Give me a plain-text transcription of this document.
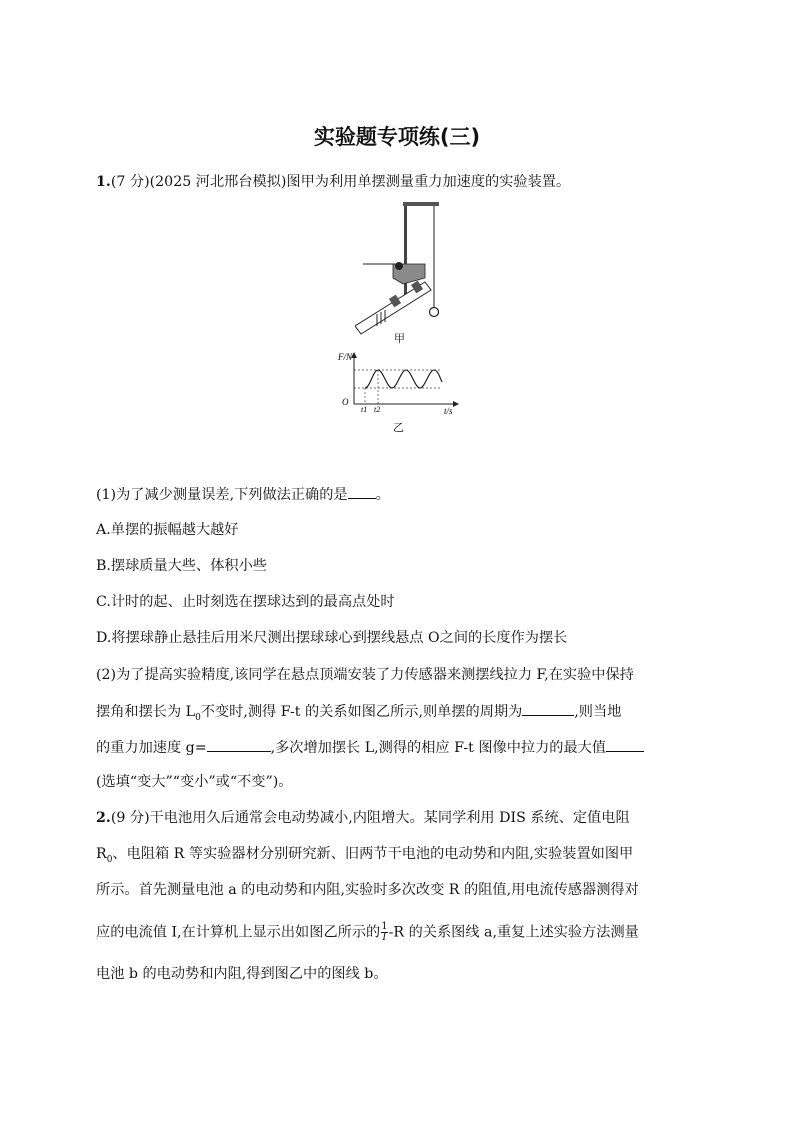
实验题专项练(三)
1.(7 分)(2025 河北邢台模拟)图甲为利用单摆测量重力加速度的实验装置。
甲
F/N
t/s
O
t1 t2
乙
(1)为了减少测量误差,下列做法正确的是 。
A.单摆的振幅越大越好
B.摆球质量大些、体积小些
C.计时的起、止时刻选在摆球达到的最高点处时
D.将摆球静止悬挂后用米尺测出摆球球心到摆线悬点 O之间的长度作为摆长
(2)为了提高实验精度,该同学在悬点顶端安装了力传感器来测摆线拉力 F,在实验中保持
摆角和摆长为 $L_0$不变时,测得 F-t 的关系如图乙所示,则单摆的周期为	,则当地
的重力加速度 g=	,多次增加摆长 L,测得的相应 F-t 图像中拉力的最大值
(选填“变大”“变小”或“不变”)。
2.(9 分)干电池用久后通常会电动势减小,内阻增大。某同学利用 DIS 系统、定值电阻
$R_0$、电阻箱 R 等实验器材分别研究新、旧两节干电池的电动势和内阻,实验装置如图甲
所示。首先测量电池 a 的电动势和内阻,实验时多次改变 R 的阻值,用电流传感器测得对
应的电流值 I,在计算机上显示出如图乙所示的 $\frac{1}{I} -R$ 的关系图线 a,重复上述实验方法测量
电池 b 的电动势和内阻,得到图乙中的图线 b。
